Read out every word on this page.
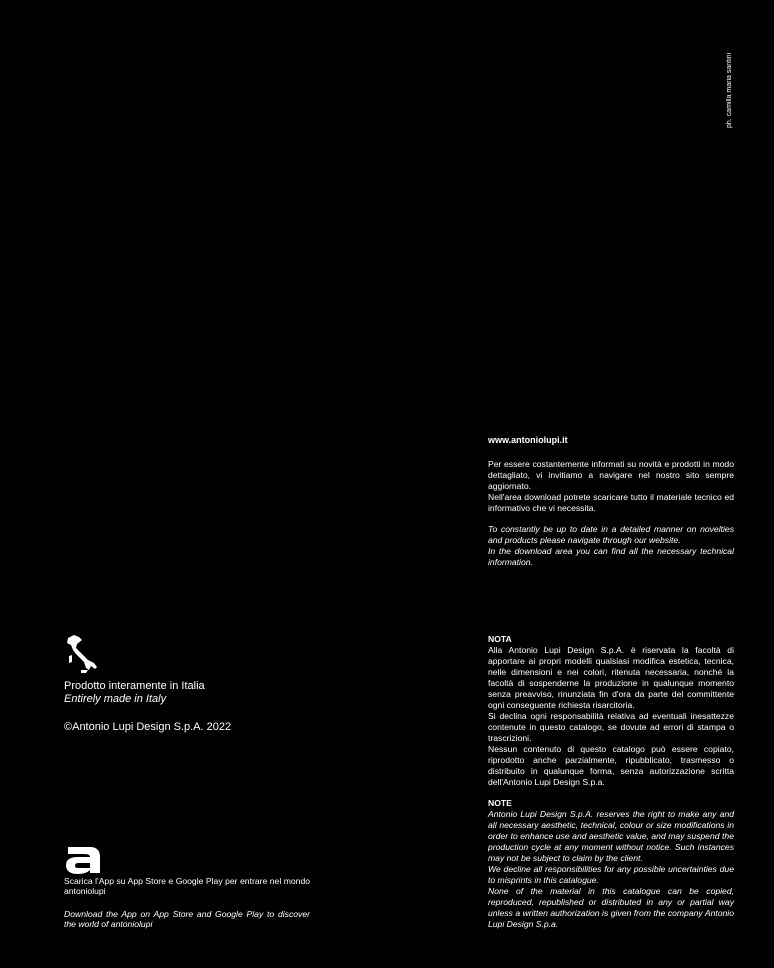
ph. camilla maria santini
www.antoniolupi.it

Per essere costantemente informati su novità e prodotti in modo dettagliato, vi invitiamo a navigare nel nostro sito sempre aggiornato.

Nell'area download potrete scaricare tutto il materiale tecnico ed informativo che vi necessita.

To constantly be up to date in a detailed manner on novelties and products please navigate through our website.

In the download area you can find all the necessary technical information.

NOTA

Alla Antonio Lupi Design S.p.A. è riservata la facoltà di apportare ai propri modelli qualsiasi modifica estetica, tecnica, nelle dimensioni e nei colori, ritenuta necessaria, nonché la facoltà di sospenderne la produzione in qualunque momento senza preavviso, rinunziata fin d'ora da parte del committente ogni conseguente richiesta risarcitoria.

Si declina ogni responsabilità relativa ad eventuali inesattezze contenute in questo catalogo, se dovute ad errori di stampa o trascrizioni.

Nessun contenuto di questo catalogo può essere copiato, riprodotto anche parzialmente, ripubblicato, trasmesso o distribuito in qualunque forma, senza autorizzazione scritta dell'Antonio Lupi Design S.p.a.

NOTE

Antonio Lupi Design S.p.A. reserves the right to make any and all necessary aesthetic, technical, colour or size modifications in order to enhance use and aesthetic value, and may suspend the production cycle at any moment without notice. Such instances may not be subject to claim by the client.

We decline all responsibilities for any possible uncertainties due to misprints in this catalogue.

None of the material in this catalogue can be copied, reproduced, republished or distributed in any or partial way unless a written authorization is given from the company Antonio Lupi Design S.p.a.

Prodotto interamente in Italia
Entirely made in Italy
©Antonio Lupi Design S.p.A. 2022
Scarica l'App su App Store e Google Play per entrare nel mondo antoniolupi
Download the App on App Store and Google Play to discover the world of antoniolupi
